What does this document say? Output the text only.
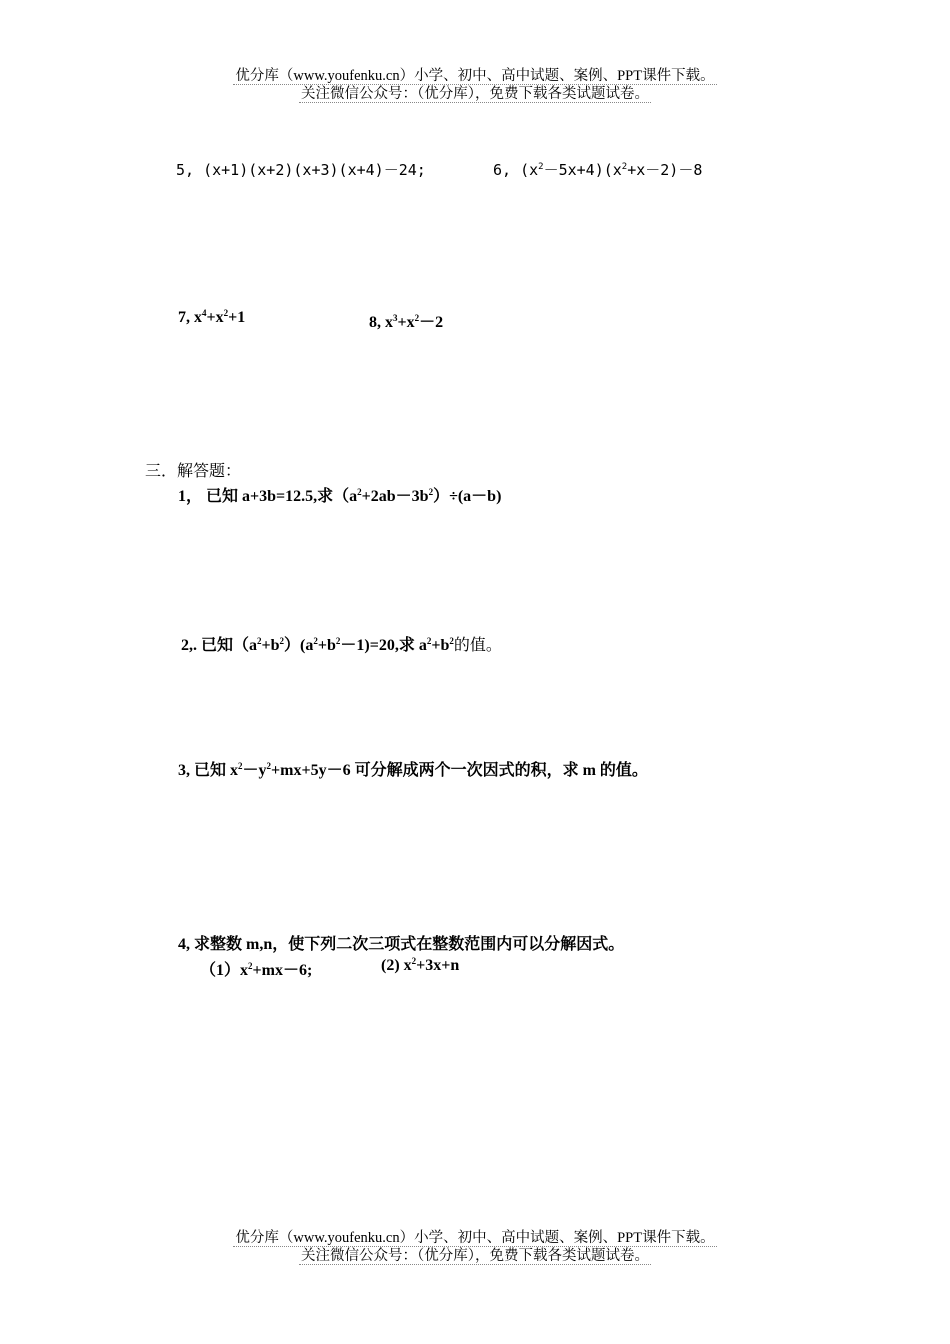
优分库（www.youfenku.cn）小学、初中、高中试题、案例、PPT课件下载。
关注微信公众号：（优分库），免费下载各类试题试卷。
5, (x+1)(x+2)(x+3)(x+4)－24;	6, $(x^2-5x+4)(x^2+x-2)-8$
7, $x^4+x^2+1$	8, $x^3+x^2-2$
三．解答题：
1， 已知 a+3b=12.5,求$(a^2+2ab-3b^2)\div(a-b)$
2,. 已知$(a^2+b^2)(a^2+b^2-1)=20$,求 $a^2+b^2$的值。
3, 已知 $x^2-y^2+mx+5y-6$ 可分解成两个一次因式的积，求 m 的值。
4, 求整数 m,n，使下列二次三项式在整数范围内可以分解因式。
$(1)x^2+mx-6$;	(2) $x^2+3x+n$
优分库（www.youfenku.cn）小学、初中、高中试题、案例、PPT课件下载。
关注微信公众号：（优分库），免费下载各类试题试卷。
